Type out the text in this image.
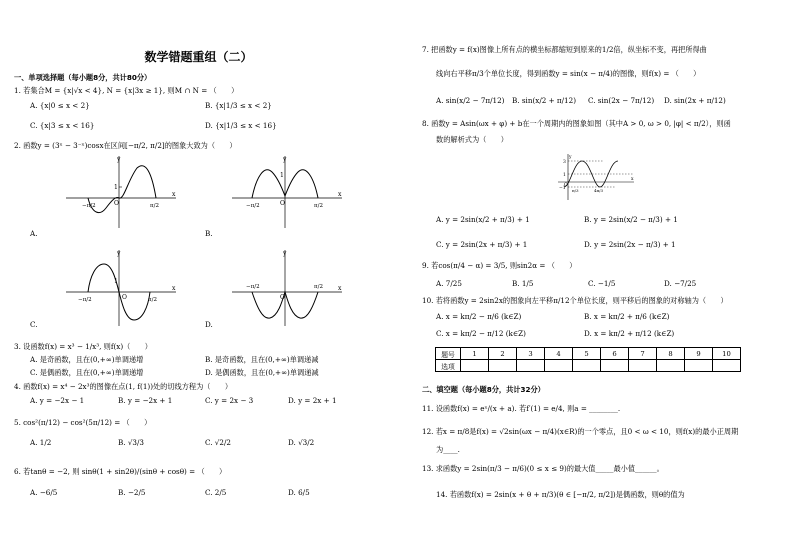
数学错题重组（二）
一、单项选择题（每小题8分，共计80分）
1. 若集合M = {x|√x < 4}, N = {x|3x ≥ 1}, 则M ∩ N = （　　）
A. {x|0 ≤ x < 2}	B. {x|1/3 ≤ x < 2}
C. {x|3 ≤ x < 16}	D. {x|1/3 ≤ x < 16}
2. 函数y = (3ˣ − 3⁻ˣ)cosx在区间[−π/2, π/2]的图象大致为（　　）
y
x
O
1
−π/2	π/2
A.
y
x
O
1
−π/2	π/2
B.
y
x
O
1
−π/2	π/2
C.
y
x
O
−π/2	π/2
D.
3. 设函数f(x) = x³ − 1/x³, 则f(x)（　　）
A. 是奇函数，且在(0,+∞)单调递增	B. 是奇函数，且在(0,+∞)单调递减
C. 是偶函数，且在(0,+∞)单调递增	D. 是偶函数，且在(0,+∞)单调递减
4. 函数f(x) = x⁴ − 2x³的图像在点(1, f(1))处的切线方程为（　　）
A. y = −2x − 1	B. y = −2x + 1	C. y = 2x − 3	D. y = 2x + 1
5. cos²(π/12) − cos²(5π/12) = （　　）
A. 1/2	B. √3/3	C. √2/2	D. √3/2
6. 若tanθ = −2, 则 sinθ(1 + sin2θ)/(sinθ + cosθ) = （　　）
A. −6/5	B. −2/5	C. 2/5	D. 6/5
7. 把函数y = f(x)图像上所有点的横坐标都缩短到原来的1/2倍，纵坐标不变，再把所得曲
线向右平移π/3个单位长度，得到函数y = sin(x − π/4)的图像，则f(x) = （　　）
A. sin(x/2 − 7π/12) B. sin(x/2 + π/12) C. sin(2x − 7π/12) D. sin(2x + π/12)
8. 函数y = Asin(ωx + φ) + b在一个周期内的图象如图（其中A > 0, ω > 0, |φ| < π/2），则函
数的解析式为（　　）
y
x
3
1
−1
O
π/3	4π/3
A. y = 2sin(x/2 + π/3) + 1	B. y = 2sin(x/2 − π/3) + 1
C. y = 2sin(2x + π/3) + 1	D. y = 2sin(2x − π/3) + 1
9. 若cos(π/4 − α) = 3/5, 则sin2α = （　　）
A. 7/25	B. 1/5	C. −1/5	D. −7/25
10. 若将函数y = 2sin2x的图象向左平移π/12个单位长度，则平移后的图象的对称轴为（　　）
A. x = kπ/2 − π/6 (k∈Z)	B. x = kπ/2 + π/6 (k∈Z)
C. x = kπ/2 − π/12 (k∈Z)	D. x = kπ/2 + π/12 (k∈Z)
题号	1	2	3	4	5	6	7	8	9	10
选项										
二、填空题（每小题8分，共计32分）
11. 设函数f(x) = eˣ/(x + a). 若f′(1) = e/4, 则a = ________.
12. 若x = π/8是f(x) = √2sin(ωx − π/4)(x∈R)的一个零点，且0 < ω < 10，则f(x)的最小正周期
为____.
13. 求函数y = 2sin(π/3 − π/6)(0 ≤ x ≤ 9)的最大值_____最小值______。
14. 若函数f(x) = 2sin(x + θ + π/3)(θ ∈ [−π/2, π/2])是偶函数，则θ的值为
